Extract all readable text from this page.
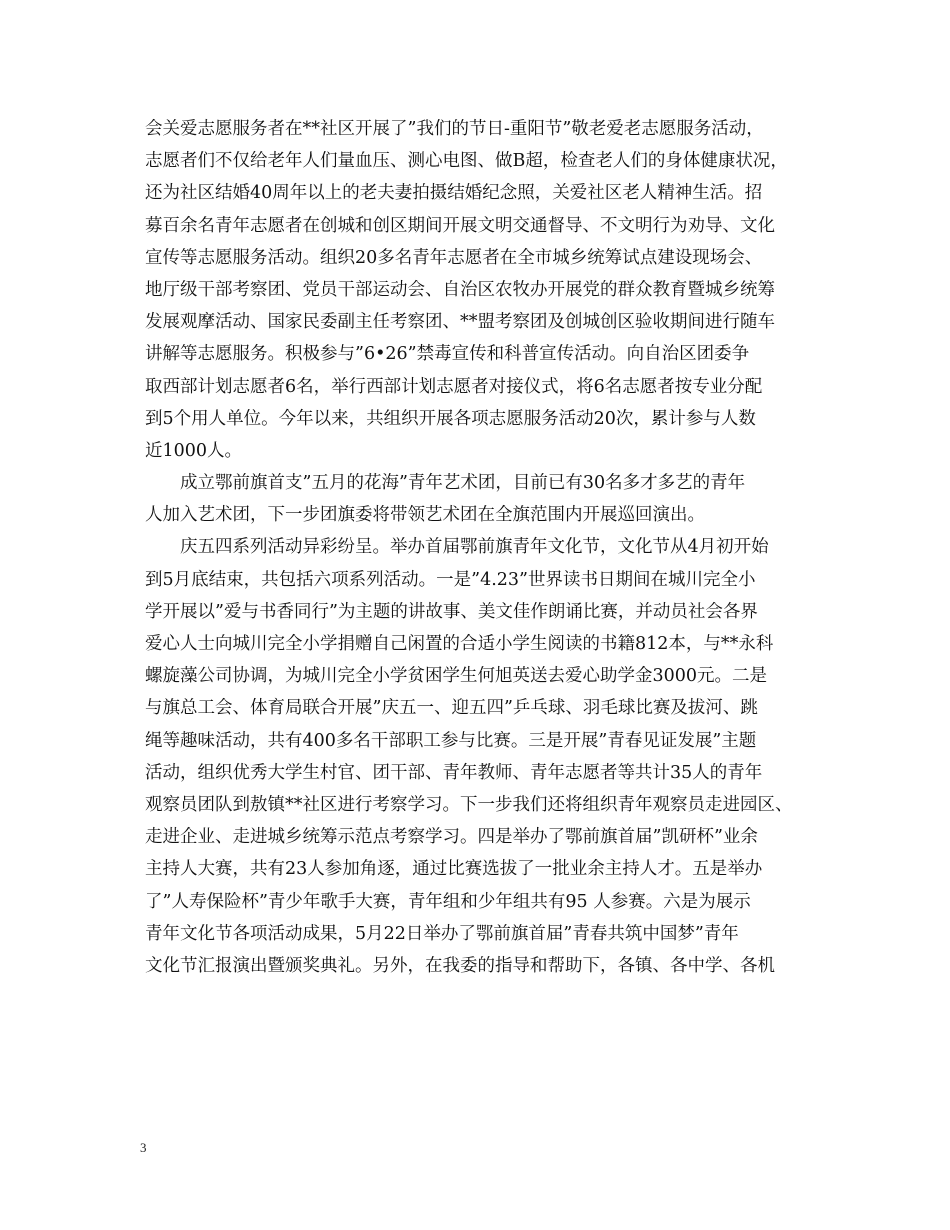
会关爱志愿服务者在**社区开展了”我们的节日-重阳节”敬老爱老志愿服务活动，
志愿者们不仅给老年人们量血压、测心电图、做B超，检查老人们的身体健康状况，
还为社区结婚40周年以上的老夫妻拍摄结婚纪念照，关爱社区老人精神生活。招
募百余名青年志愿者在创城和创区期间开展文明交通督导、不文明行为劝导、文化
宣传等志愿服务活动。组织20多名青年志愿者在全市城乡统筹试点建设现场会、
地厅级干部考察团、党员干部运动会、自治区农牧办开展党的群众教育暨城乡统筹
发展观摩活动、国家民委副主任考察团、**盟考察团及创城创区验收期间进行随车
讲解等志愿服务。积极参与”6•26”禁毒宣传和科普宣传活动。向自治区团委争
取西部计划志愿者6名，举行西部计划志愿者对接仪式，将6名志愿者按专业分配
到5个用人单位。今年以来，共组织开展各项志愿服务活动20次，累计参与人数
近1000人。
　　成立鄂前旗首支”五月的花海”青年艺术团，目前已有30名多才多艺的青年
人加入艺术团，下一步团旗委将带领艺术团在全旗范围内开展巡回演出。
　　庆五四系列活动异彩纷呈。举办首届鄂前旗青年文化节，文化节从4月初开始
到5月底结束，共包括六项系列活动。一是”4.23”世界读书日期间在城川完全小
学开展以”爱与书香同行”为主题的讲故事、美文佳作朗诵比赛，并动员社会各界
爱心人士向城川完全小学捐赠自己闲置的合适小学生阅读的书籍812本，与**永科
螺旋藻公司协调，为城川完全小学贫困学生何旭英送去爱心助学金3000元。二是
与旗总工会、体育局联合开展”庆五一、迎五四”乒乓球、羽毛球比赛及拔河、跳
绳等趣味活动，共有400多名干部职工参与比赛。三是开展”青春见证发展”主题
活动，组织优秀大学生村官、团干部、青年教师、青年志愿者等共计35人的青年
观察员团队到敖镇**社区进行考察学习。下一步我们还将组织青年观察员走进园区、
走进企业、走进城乡统筹示范点考察学习。四是举办了鄂前旗首届”凯研杯”业余
主持人大赛，共有23人参加角逐，通过比赛选拔了一批业余主持人才。五是举办
了”人寿保险杯”青少年歌手大赛，青年组和少年组共有95 人参赛。六是为展示
青年文化节各项活动成果，5月22日举办了鄂前旗首届”青春共筑中国梦”青年
文化节汇报演出暨颁奖典礼。另外，在我委的指导和帮助下，各镇、各中学、各机
3
